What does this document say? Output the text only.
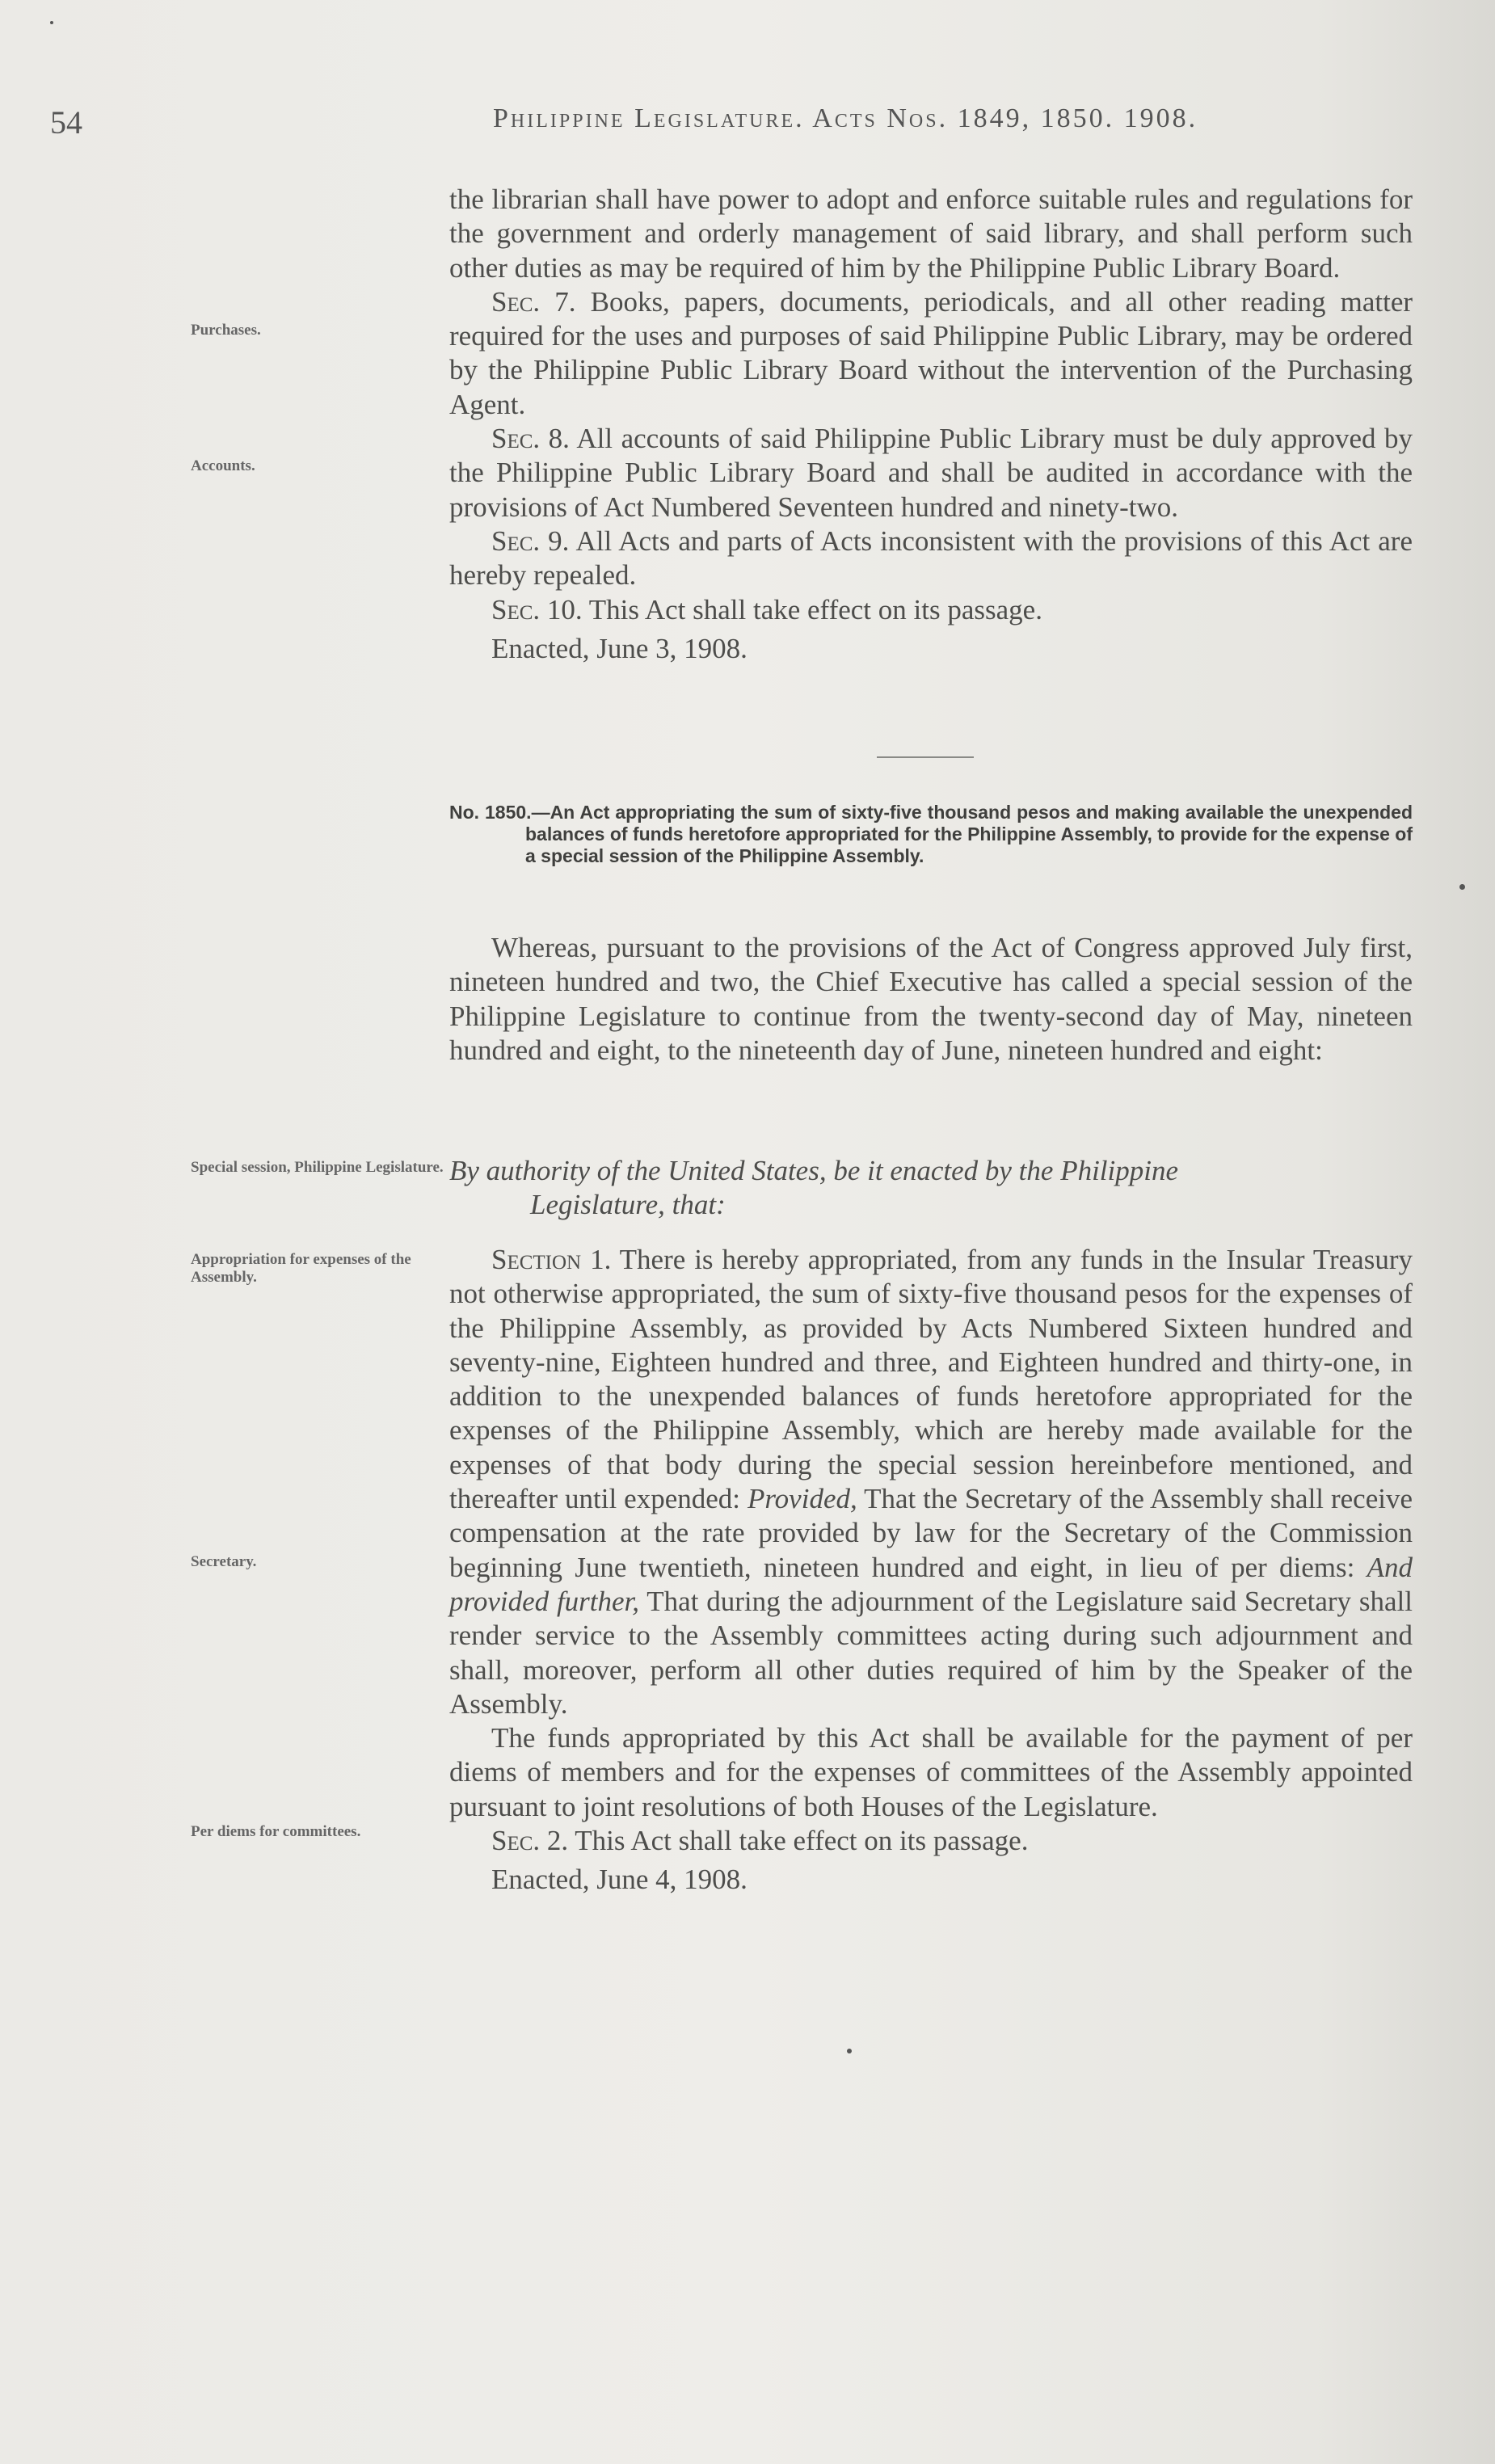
54	Philippine Legislature. Acts Nos. 1849, 1850. 1908.

the librarian shall have power to adopt and enforce suitable rules and regulations for the government and orderly management of said library, and shall perform such other duties as may be required of him by the Philippine Public Library Board.

Sec. 7. Books, papers, documents, periodicals, and all other reading matter required for the uses and purposes of said Philippine Public Library, may be ordered by the Philippine Public Library Board without the intervention of the Purchasing Agent.

Sec. 8. All accounts of said Philippine Public Library must be duly approved by the Philippine Public Library Board and shall be audited in accordance with the provisions of Act Numbered Seventeen hundred and ninety-two.

Sec. 9. All Acts and parts of Acts inconsistent with the provisions of this Act are hereby repealed.

Sec. 10. This Act shall take effect on its passage.

Enacted, June 3, 1908.

Purchases.
Accounts.
No. 1850.—An Act appropriating the sum of sixty-five thousand pesos and making available the unexpended balances of funds heretofore appropriated for the Philippine Assembly, to provide for the expense of a special session of the Philippine Assembly.

Whereas, pursuant to the provisions of the Act of Congress approved July first, nineteen hundred and two, the Chief Executive has called a special session of the Philippine Legislature to continue from the twenty-second day of May, nineteen hundred and eight, to the nineteenth day of June, nineteen hundred and eight:

Special session, Philippine Legislature. By authority of the United States, be it enacted by the Philippine
Legislature, that:
Appropriation for expenses of the Assembly.

Section 1. There is hereby appropriated, from any funds in the Insular Treasury not otherwise appropriated, the sum of sixty-five thousand pesos for the expenses of the Philippine Assembly, as provided by Acts Numbered Sixteen hundred and seventy-nine, Eighteen hundred and three, and Eighteen hundred and thirty-one, in addition to the unexpended balances of funds heretofore appropriated for the expenses of the Philippine Assembly, which are hereby made available for the expenses of that body during the special session hereinbefore mentioned, and thereafter until expended: Provided, That the Secretary of the Assembly shall receive compensation at the rate provided by law for the Secretary of the Commission beginning June twentieth, nineteen hundred and eight, in lieu of per diems: And provided further, That during the adjournment of the Legislature said Secretary shall render service to the Assembly committees acting during such adjournment and shall, moreover, perform all other duties required of him by the Speaker of the Assembly.

The funds appropriated by this Act shall be available for the payment of per diems of members and for the expenses of committees of the Assembly appointed pursuant to joint resolutions of both Houses of the Legislature.

Sec. 2. This Act shall take effect on its passage.

Enacted, June 4, 1908.

Secretary.
Per diems for committees.
